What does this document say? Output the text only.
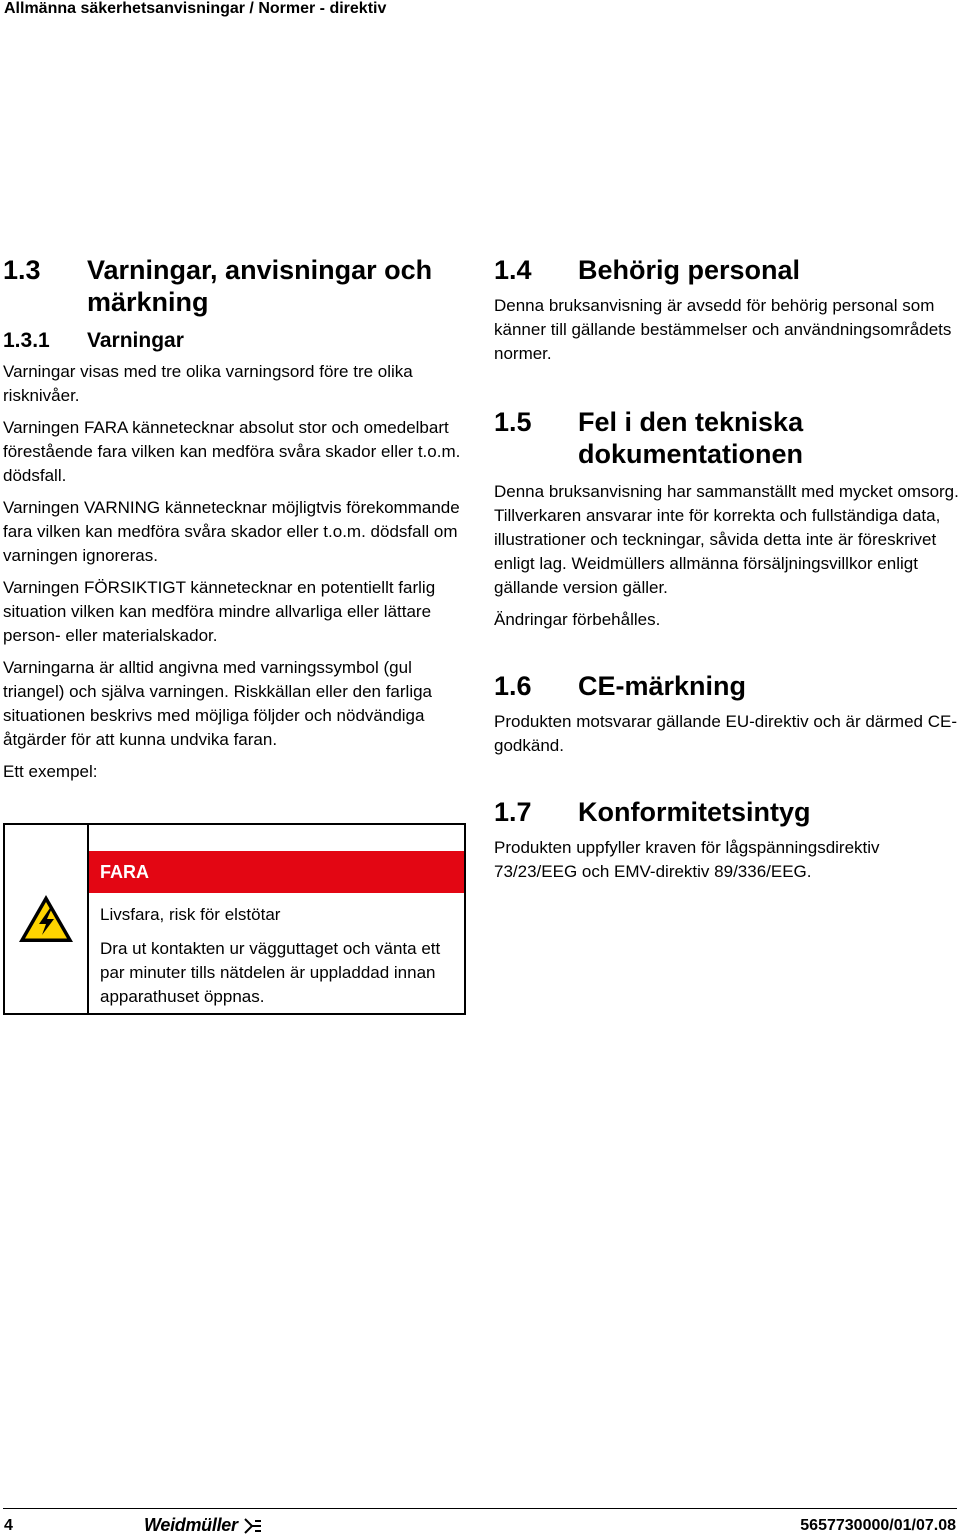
Allmänna säkerhetsanvisningar / Normer - direktiv
1.3	Varningar, anvisningar och märkning
1.3.1	Varningar

Varningar visas med tre olika varningsord före tre olika risknivåer.

Varningen FARA kännetecknar absolut stor och omedelbart förestående fara vilken kan medföra svåra skador eller t.o.m. dödsfall.

Varningen VARNING kännetecknar möjligtvis förekommande fara vilken kan medföra svåra skador eller t.o.m. dödsfall om varningen ignoreras.

Varningen FÖRSIKTIGT kännetecknar en potentiellt farlig situation vilken kan medföra mindre allvarliga eller lättare person- eller materialskador.

Varningarna är alltid angivna med varningssymbol (gul triangel) och själva varningen. Riskkällan eller den farliga situationen beskrivs med möjliga följder och nödvändiga åtgärder för att kunna undvika faran.

Ett exempel:

FARA
Livsfara, risk för elstötar
Dra ut kontakten ur vägguttaget och vänta ett par minuter tills nätdelen är uppladdad innan apparathuset öppnas.
1.4	Behörig personal

Denna bruksanvisning är avsedd för behörig personal som känner till gällande bestämmelser och användningsområdets normer.

1.5	Fel i den tekniska dokumentationen

Denna bruksanvisning har sammanställt med mycket omsorg. Tillverkaren ansvarar inte för korrekta och fullständiga data, illustrationer och teckningar, såvida detta inte är föreskrivet enligt lag. Weidmüllers allmänna försäljningsvillkor enligt gällande version gäller.

Ändringar förbehålles.

1.6	CE-märkning

Produkten motsvarar gällande EU-direktiv och är därmed CE-godkänd.

1.7	Konformitetsintyg

Produkten uppfyller kraven för lågspänningsdirektiv 73/23/EEG och EMV-direktiv 89/336/EEG.

4	Weidmüller	5657730000/01/07.08
